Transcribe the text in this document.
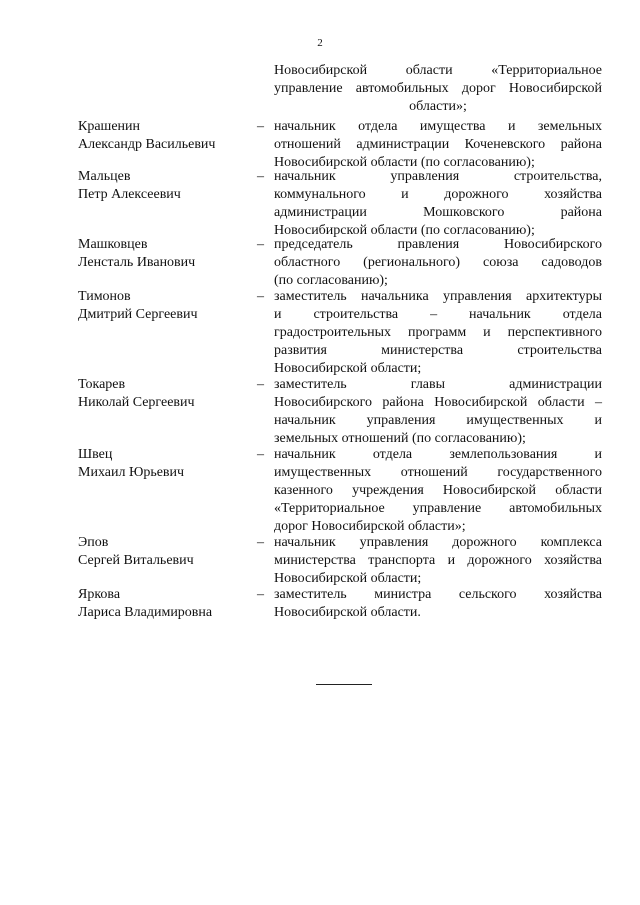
2
Новосибирской области «Территориальное
управление автомобильных дорог Новосибирской
области»;
Крашенин
Александр Васильевич
– начальник отдела имущества и земельных
отношений администрации Коченевского района
Новосибирской области (по согласованию);
Мальцев
Петр Алексеевич
– начальник управления строительства,
коммунального и дорожного хозяйства
администрации Мошковского района
Новосибирской области (по согласованию);
Машковцев
Ленсталь Иванович
– председатель правления Новосибирского
областного (регионального) союза садоводов
(по согласованию);
Тимонов
Дмитрий Сергеевич
– заместитель начальника управления архитектуры
и строительства – начальник отдела
градостроительных программ и перспективного
развития министерства строительства
Новосибирской области;
Токарев
Николай Сергеевич
– заместитель главы администрации
Новосибирского района Новосибирской области –
начальник управления имущественных и
земельных отношений (по согласованию);
Швец
Михаил Юрьевич
– начальник отдела землепользования и
имущественных отношений государственного
казенного учреждения Новосибирской области
«Территориальное управление автомобильных
дорог Новосибирской области»;
Эпов
Сергей Витальевич
– начальник управления дорожного комплекса
министерства транспорта и дорожного хозяйства
Новосибирской области;
Яркова
Лариса Владимировна
– заместитель министра сельского хозяйства
Новосибирской области.
